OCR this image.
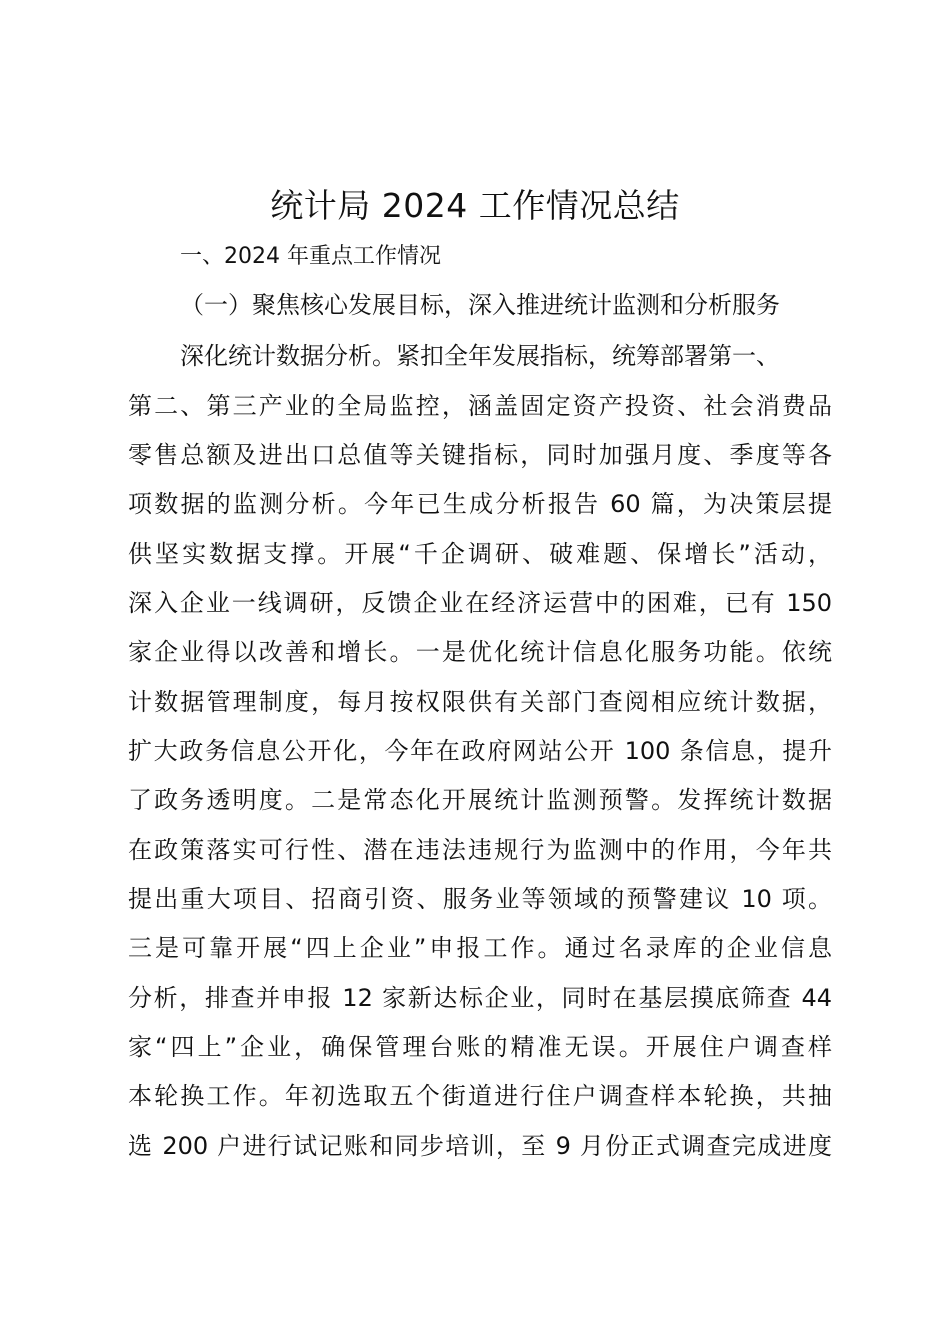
统计局 2024 工作情况总结

一、2024 年重点工作情况

（一）聚焦核心发展目标，深入推进统计监测和分析服务

深化统计数据分析。紧扣全年发展指标，统筹部署第一、

第二、第三产业的全局监控，涵盖固定资产投资、社会消费品

零售总额及进出口总值等关键指标，同时加强月度、季度等各

项数据的监测分析。今年已生成分析报告 60 篇，为决策层提

供坚实数据支撑。开展“千企调研、破难题、保增长”活动，

深入企业一线调研，反馈企业在经济运营中的困难，已有 150

家企业得以改善和增长。一是优化统计信息化服务功能。依统

计数据管理制度，每月按权限供有关部门查阅相应统计数据，

扩大政务信息公开化，今年在政府网站公开 100 条信息，提升

了政务透明度。二是常态化开展统计监测预警。发挥统计数据

在政策落实可行性、潜在违法违规行为监测中的作用，今年共

提出重大项目、招商引资、服务业等领域的预警建议 10 项。

三是可靠开展“四上企业”申报工作。通过名录库的企业信息

分析，排查并申报 12 家新达标企业，同时在基层摸底筛查 44

家“四上”企业，确保管理台账的精准无误。开展住户调查样

本轮换工作。年初选取五个街道进行住户调查样本轮换，共抽

选 200 户进行试记账和同步培训，至 9 月份正式调查完成进度
